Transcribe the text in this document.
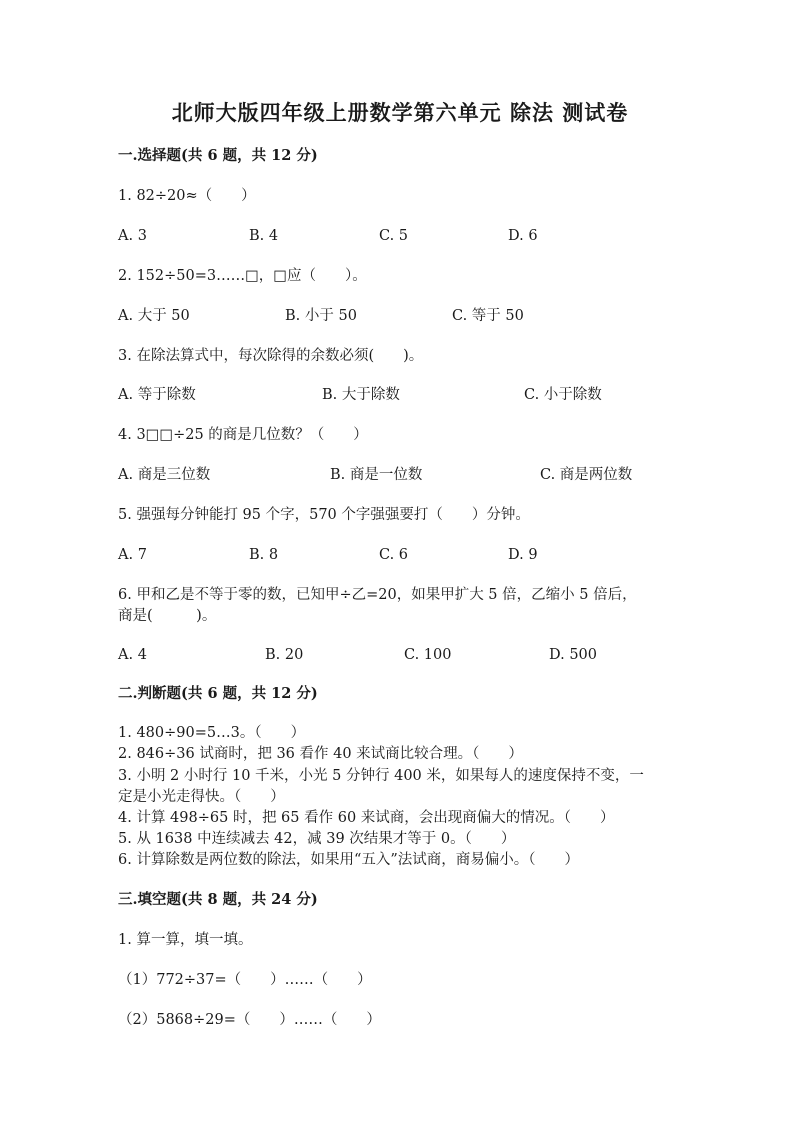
北师大版四年级上册数学第六单元 除法 测试卷
一.选择题(共 6 题，共 12 分)
1. 82÷20≈（　　）
A. 3	B. 4	C. 5	D. 6
2. 152÷50=3……□，□应（　　）。
A. 大于 50	B. 小于 50	C. 等于 50
3. 在除法算式中，每次除得的余数必须(　　)。
A. 等于除数	B. 大于除数	C. 小于除数
4. 3□□÷25 的商是几位数？（　　）
A. 商是三位数	B. 商是一位数	C. 商是两位数
5. 强强每分钟能打 95 个字，570 个字强强要打（　　）分钟。
A. 7	B. 8	C. 6	D. 9
6. 甲和乙是不等于零的数，已知甲÷乙=20，如果甲扩大 5 倍，乙缩小 5 倍后，
商是(　　　)。
A. 4	B. 20	C. 100	D. 500
二.判断题(共 6 题，共 12 分)
1. 480÷90=5…3。（　　）
2. 846÷36 试商时，把 36 看作 40 来试商比较合理。（　　）
3. 小明 2 小时行 10 千米，小光 5 分钟行 400 米，如果每人的速度保持不变，一
定是小光走得快。（　　）
4. 计算 498÷65 时，把 65 看作 60 来试商，会出现商偏大的情况。（　　）
5. 从 1638 中连续减去 42，减 39 次结果才等于 0。（　　）
6. 计算除数是两位数的除法，如果用“五入”法试商，商易偏小。（　　）
三.填空题(共 8 题，共 24 分)
1. 算一算，填一填。
（1）772÷37=（　　）……（　　）
（2）5868÷29=（　　）……（　　）
